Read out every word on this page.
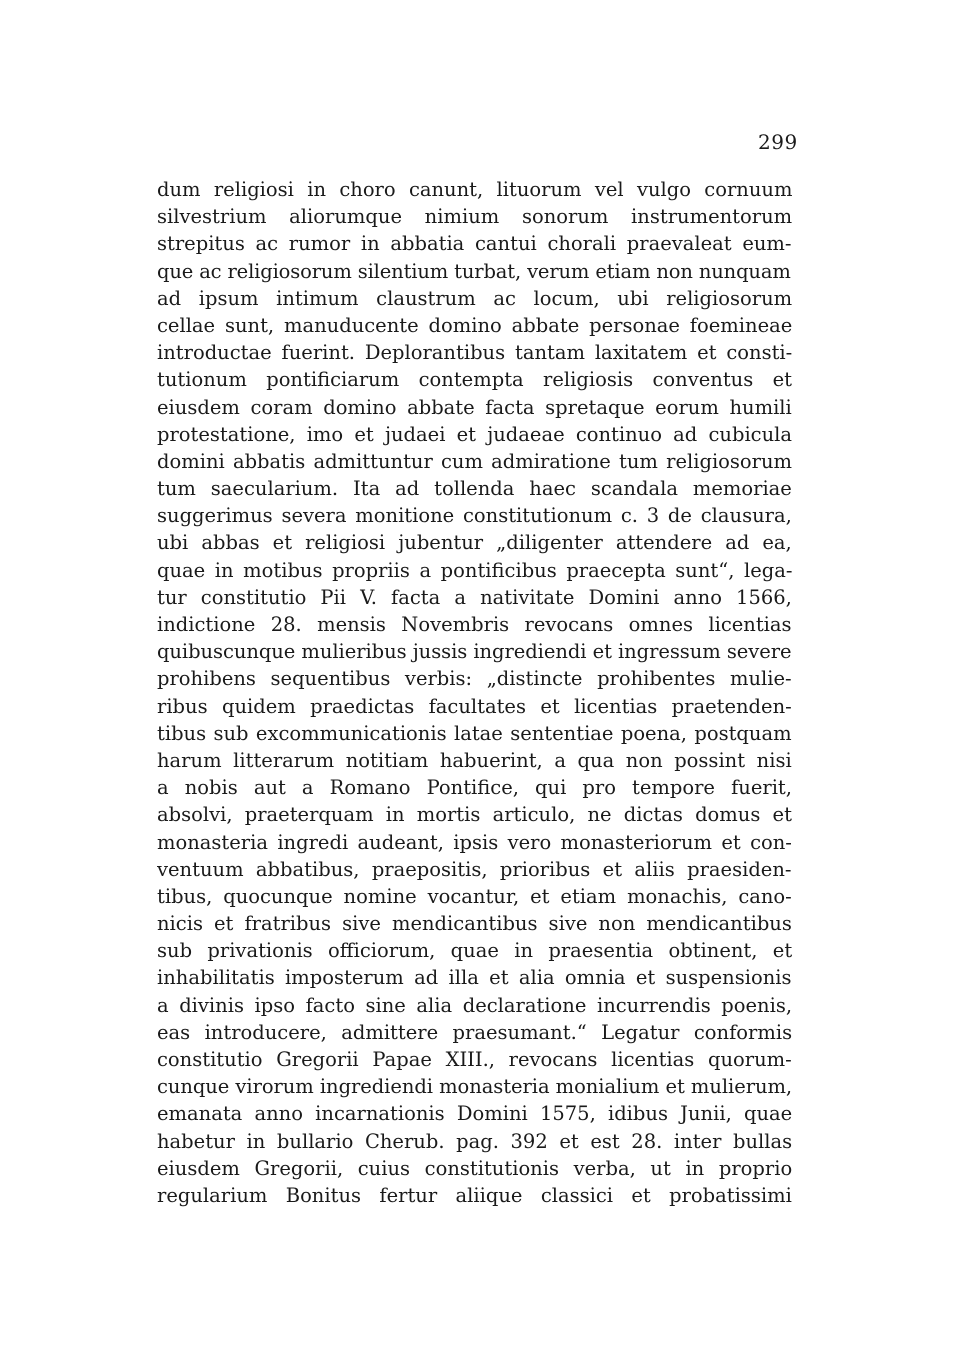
299
dum religiosi in choro canunt, lituorum vel vulgo cornuum
silvestrium aliorumque nimium sonorum instrumentorum
strepitus ac rumor in abbatia cantui chorali praevaleat eum-
que ac religiosorum silentium turbat, verum etiam non nunquam
ad ipsum intimum claustrum ac locum, ubi religiosorum
cellae sunt, manuducente domino abbate personae foemineae
introductae fuerint. Deplorantibus tantam laxitatem et consti-
tutionum pontificiarum contempta religiosis conventus et
eiusdem coram domino abbate facta spretaque eorum humili
protestatione, imo et judaei et judaeae continuo ad cubicula
domini abbatis admittuntur cum admiratione tum religiosorum
tum saecularium. Ita ad tollenda haec scandala memoriae
suggerimus severa monitione constitutionum c. 3 de clausura,
ubi abbas et religiosi jubentur „diligenter attendere ad ea,
quae in motibus propriis a pontificibus praecepta sunt“, lega-
tur constitutio Pii V. facta a nativitate Domini anno 1566,
indictione 28. mensis Novembris revocans omnes licentias
quibuscunque mulieribus jussis ingrediendi et ingressum severe
prohibens sequentibus verbis: „distincte prohibentes mulie-
ribus quidem praedictas facultates et licentias praetenden-
tibus sub excommunicationis latae sententiae poena, postquam
harum litterarum notitiam habuerint, a qua non possint nisi
a nobis aut a Romano Pontifice, qui pro tempore fuerit,
absolvi, praeterquam in mortis articulo, ne dictas domus et
monasteria ingredi audeant, ipsis vero monasteriorum et con-
ventuum abbatibus, praepositis, prioribus et aliis praesiden-
tibus, quocunque nomine vocantur, et etiam monachis, cano-
nicis et fratribus sive mendicantibus sive non mendicantibus
sub privationis officiorum, quae in praesentia obtinent, et
inhabilitatis imposterum ad illa et alia omnia et suspensionis
a divinis ipso facto sine alia declaratione incurrendis poenis,
eas introducere, admittere praesumant.“ Legatur conformis
constitutio Gregorii Papae XIII., revocans licentias quorum-
cunque virorum ingrediendi monasteria monialium et mulierum,
emanata anno incarnationis Domini 1575, idibus Junii, quae
habetur in bullario Cherub. pag. 392 et est 28. inter bullas
eiusdem Gregorii, cuius constitutionis verba, ut in proprio
regularium Bonitus fertur aliique classici et probatissimi
